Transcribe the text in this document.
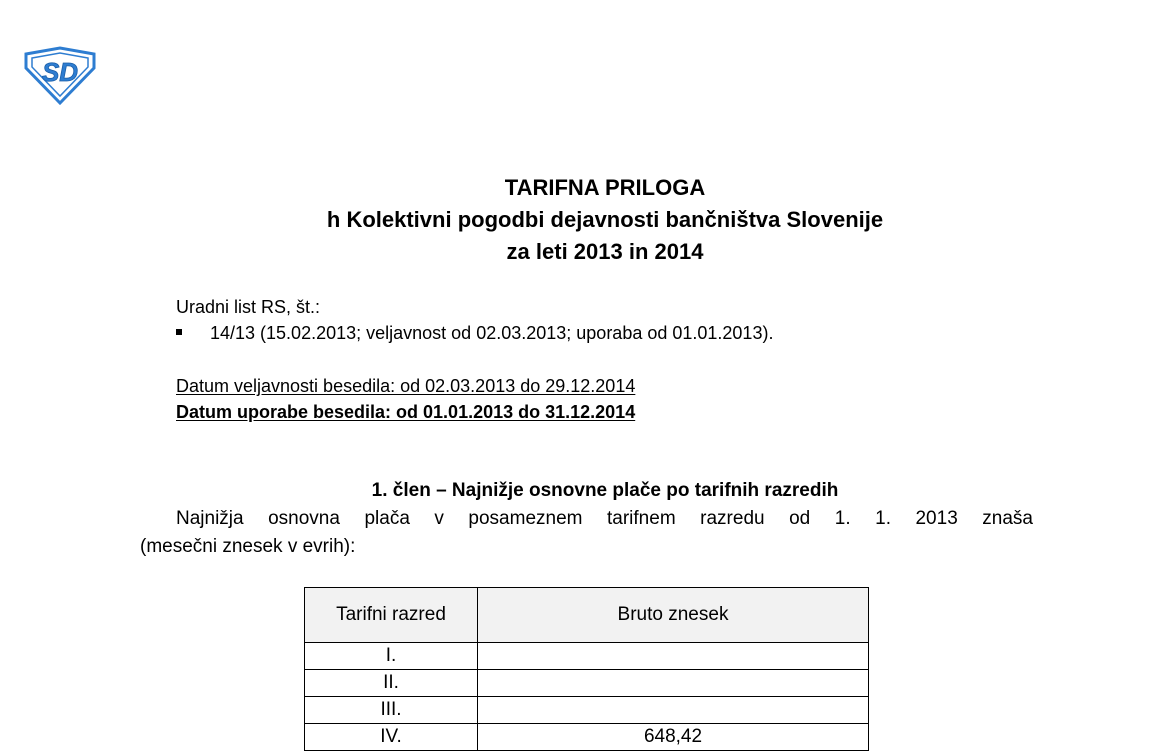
SD
TARIFNA PRILOGA
h Kolektivni pogodbi dejavnosti bančništva Slovenije
za leti 2013 in 2014
Uradni list RS, št.:
14/13 (15.02.2013; veljavnost od 02.03.2013; uporaba od 01.01.2013).
Datum veljavnosti besedila: od 02.03.2013 do 29.12.2014
Datum uporabe besedila: od 01.01.2013 do 31.12.2014
1. člen – Najnižje osnovne plače po tarifnih razredih
Najnižja osnovna plača v posameznem tarifnem razredu od 1. 1. 2013 znaša
(mesečni znesek v evrih):
Tarifni razred	Bruto znesek
I.	
II.	
III.	
IV.	648,42
